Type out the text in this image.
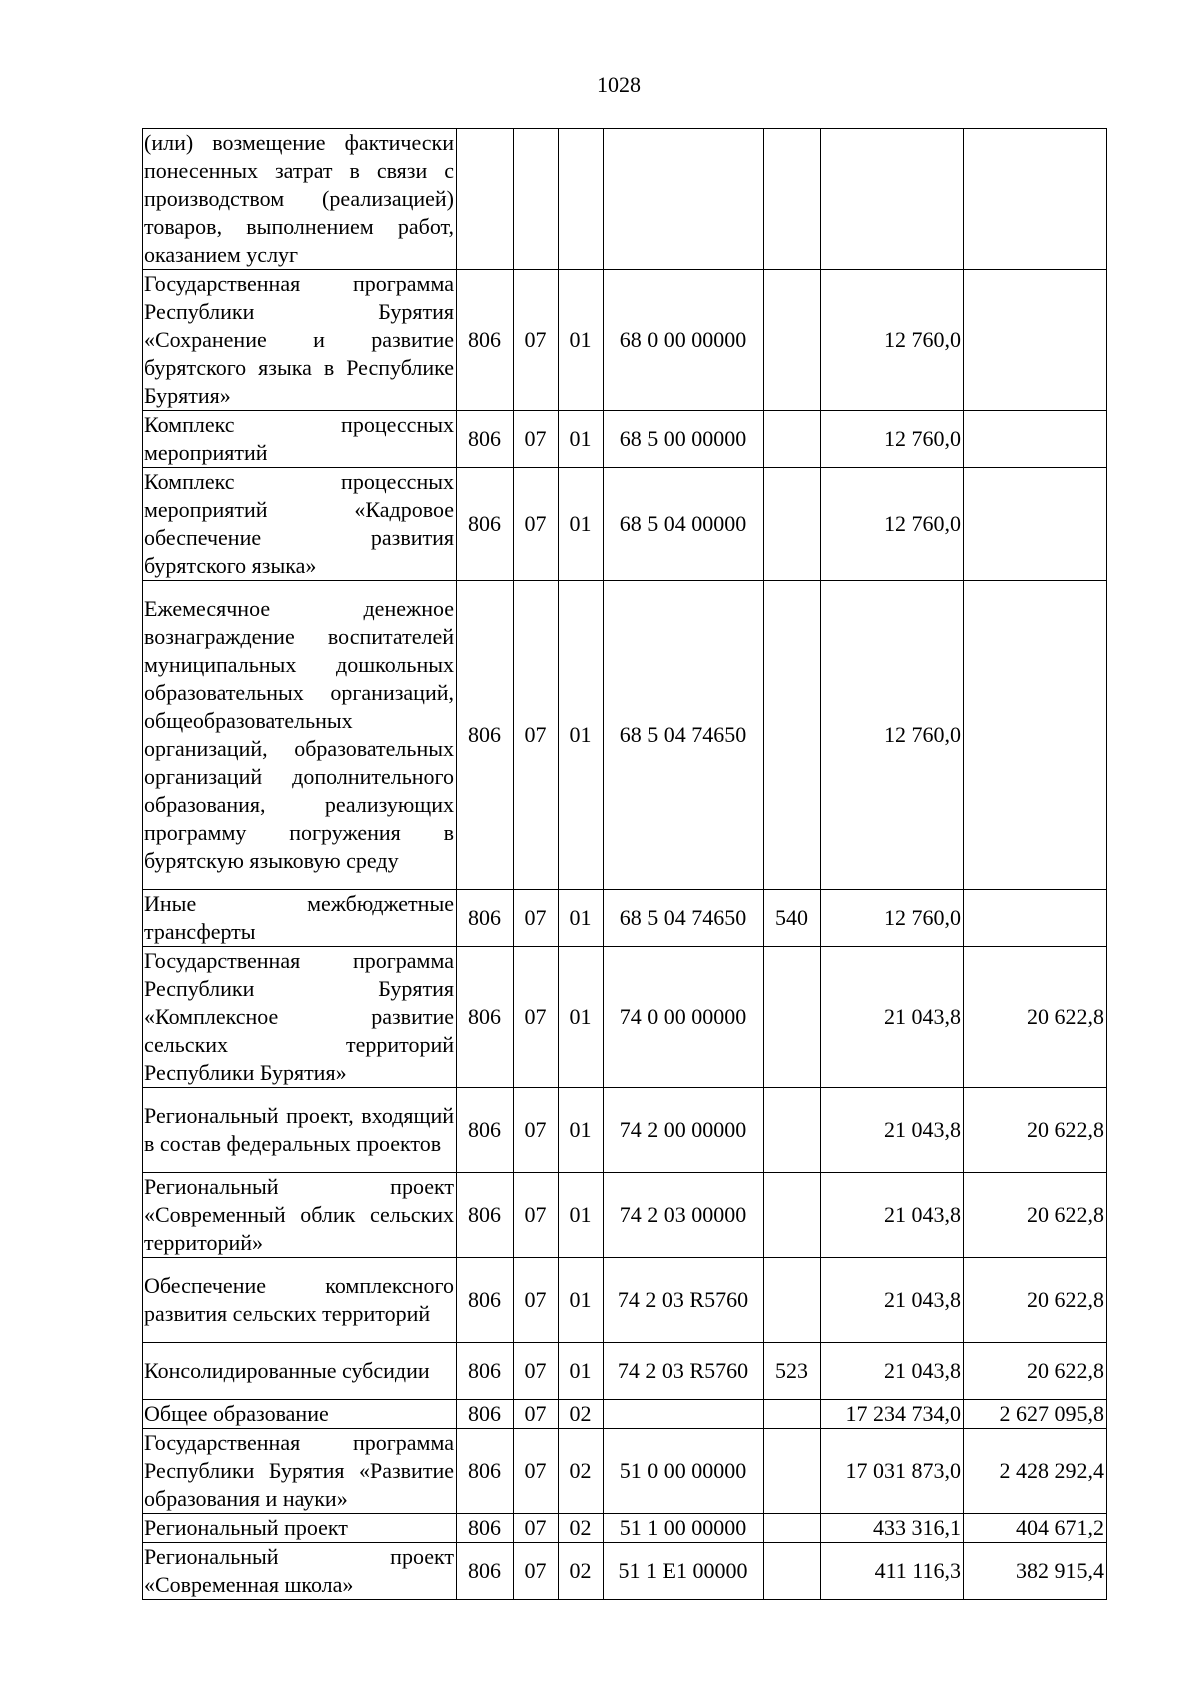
1028
(или) возмещение фактически понесенных затрат в связи с производством (реализацией) товаров, выполнением работ, оказанием услуг							
Государственная программа Республики Бурятия «Сохранение и развитие бурятского языка в Республике Бурятия»	806	07	01	68 0 00 00000		12 760,0	
Комплекс процессных мероприятий	806	07	01	68 5 00 00000		12 760,0	
Комплекс процессных мероприятий «Кадровое обеспечение развития бурятского языка»	806	07	01	68 5 04 00000		12 760,0	
Ежемесячное денежное вознаграждение воспитателей муниципальных дошкольных образовательных организаций, общеобразовательных организаций, образовательных организаций дополнительного образования, реализующих программу погружения в бурятскую языковую среду	806	07	01	68 5 04 74650		12 760,0	
Иные межбюджетные трансферты	806	07	01	68 5 04 74650	540	12 760,0	
Государственная программа Республики Бурятия «Комплексное развитие сельских территорий Республики Бурятия»	806	07	01	74 0 00 00000		21 043,8	20 622,8
Региональный проект, входящий в состав федеральных проектов	806	07	01	74 2 00 00000		21 043,8	20 622,8
Региональный проект «Современный облик сельских территорий»	806	07	01	74 2 03 00000		21 043,8	20 622,8
Обеспечение комплексного развития сельских территорий	806	07	01	74 2 03 R5760		21 043,8	20 622,8
Консолидированные субсидии	806	07	01	74 2 03 R5760	523	21 043,8	20 622,8
Общее образование	806	07	02			17 234 734,0	2 627 095,8
Государственная программа Республики Бурятия «Развитие образования и науки»	806	07	02	51 0 00 00000		17 031 873,0	2 428 292,4
Региональный проект	806	07	02	51 1 00 00000		433 316,1	404 671,2
Региональный проект «Современная школа»	806	07	02	51 1 E1 00000		411 116,3	382 915,4
